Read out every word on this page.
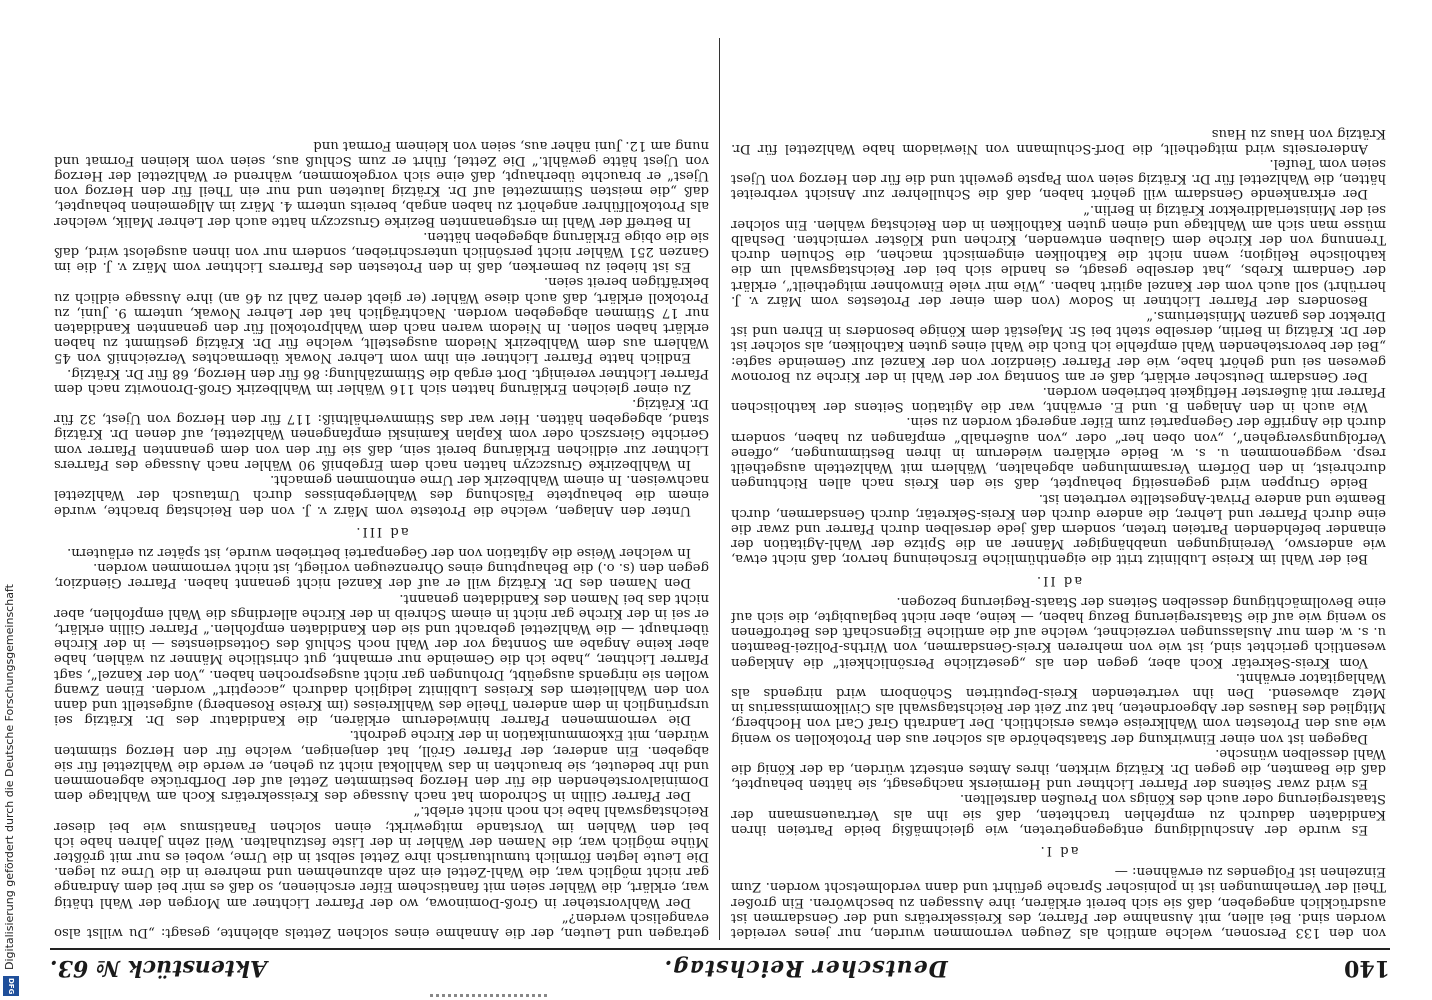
140
Deutscher Reichstag.
Aktenstück № 63.

von den 133 Personen, welche amtlich als Zeugen vernommen wurden, nur jenes vereidet worden sind. Bei allen, mit Ausnahme der Pfarrer, des Kreissekretärs und der Gensdarmen ist ausdrücklich angegeben, daß sie sich bereit erklären, ihre Aussagen zu beschwören. Ein großer Theil der Vernehmungen ist in polnischer Sprache geführt und dann verdolmetscht worden. Zum Einzelnen ist Folgendes zu erwähnen: —

ad I.

Es wurde der Anschuldigung entgegengetreten, wie gleichmäßig beide Parteien ihren Kandidaten dadurch zu empfehlen trachteten, daß sie ihn als Vertrauensmann der Staatsregierung oder auch des Königs von Preußen darstellten.

Es wird zwar Seitens der Pfarrer Lichtner und Hermiersk nachgesagt, sie hätten behauptet, daß die Beamten, die gegen Dr. Krätzig wirkten, ihres Amtes entsetzt würden, da der König die Wahl desselben wünsche.

Dagegen ist von einer Einwirkung der Staatsbehörde als solcher aus den Protokollen so wenig wie aus den Protesten vom Wahlkreise etwas ersichtlich. Der Landrath Graf Carl von Hochberg, Mitglied des Hauses der Abgeordneten, hat zur Zeit der Reichstagswahl als Civilkommissarius in Metz abwesend. Den ihn vertretenden Kreis-Deputirten Schönborn wird nirgends als Wahlagitator erwähnt.

Vom Kreis-Sekretär Koch aber, gegen den als „gesetzliche Persönlichkeit“ die Anklagen wesentlich gerichtet sind, ist wie von mehreren Kreis-Gensdarmen, von Wirths-Polizei-Beamten u. s. w. dem nur Auslassungen verzeichnet, welche auf die amtliche Eigenschaft des Betroffenen so wenig wie auf die Staatsregierung Bezug haben, — keine, aber nicht beglaubigte, die sich auf eine Bevollmächtigung desselben Seitens der Staats-Regierung bezogen.

ad II.

Bei der Wahl im Kreise Lublinitz tritt die eigenthümliche Erscheinung hervor, daß nicht etwa, wie anderswo, Vereinigungen unabhängiger Männer an die Spitze der Wahl-Agitation der einander befehdenden Parteien treten, sondern daß jede derselben durch Pfarrer und zwar die eine durch Pfarrer und Lehrer, die andere durch den Kreis-Sekretär, durch Gensdarmen, durch Beamte und andere Privat-Angestellte vertreten ist.

Beide Gruppen wird gegenseitig behauptet, daß sie den Kreis nach allen Richtungen durchreist, in den Dörfern Versammlungen abgehalten, Wählern mit Wahlzetteln ausgetheilt resp. weggenommen u. s. w. Beide erklären wiederum in ihren Bestimmungen, „offene Verfolgungsvergehen“, „von oben her“ oder „von außerhalb“ empfangen zu haben, sondern durch die Angriffe der Gegenpartei zum Eifer angeregt worden zu sein.

Wie auch in den Anlagen B. und E. erwähnt, war die Agitation Seitens der katholischen Pfarrer mit äußerster Heftigkeit betrieben worden.

Der Gensdarm Deutscher erklärt, daß er am Sonntag vor der Wahl in der Kirche zu Boronow gewesen sei und gehört habe, wie der Pfarrer Giendzior von der Kanzel zur Gemeinde sagte: „Bei der bevorstehenden Wahl empfehle ich Euch die Wahl eines guten Katholiken, als solcher ist der Dr. Krätzig in Berlin, derselbe steht bei Sr. Majestät dem Könige besonders in Ehren und ist Direktor des ganzen Ministeriums.“

Besonders der Pfarrer Lichtner in Sodow (von dem einer der Protestes vom März v. J. herrührt) soll auch vom der Kanzel agitirt haben. „Wie mir viele Einwohner mitgetheilt“, erklärt der Gendarm Krebs, „hat derselbe gesagt, es handle sich bei der Reichstagswahl um die katholische Religion; wenn nicht die Katholiken eingemischt machen, die Schulen durch Trennung von der Kirche dem Glauben entwenden, Kirchen und Klöster vernichten. Deshalb müsse man sich am Wahltage und einen guten Katholiken in den Reichstag wählen. Ein solcher sei der Ministerialdirektor Krätzig in Berlin.“

Der erkrankende Gensdarm will gehört haben, daß die Schullehrer zur Ansicht verbreitet hätten, die Wahlzettel für Dr. Krätzig seien vom Papste geweiht und die für den Herzog von Ujest seien vom Teufel.

Andererseits wird mitgetheilt, die Dorf-Schulmann von Niewiadom habe Wahlzettel für Dr. Krätzig von Haus zu Haus

getragen und Leuten, der die Annahme eines solchen Zettels ablehnte, gesagt: „Du willst also evangelisch werden?“

Der Wahlvorsteher in Groß-Dominowa, wo der Pfarrer Lichtner am Morgen der Wahl thätig war, erklärt, die Wähler seien mit fanatischem Eifer erschienen, so daß es mir bei dem Andrange gar nicht möglich war, die Wahl-Zettel ein zeln abzunehmen und mehrere in die Urne zu legen. Die Leute legten förmlich tumultuarisch ihre Zettel selbst in die Urne, wobei es nur mit größter Mühe möglich war, die Namen der Wähler in der Liste festzuhalten. Weil zehn Jahren habe ich bei den Wahlen im Vorstande mitgewirkt; einen solchen Fanatismus wie bei dieser Reichstagswahl habe ich noch nicht erlebt.“

Der Pfarrer Gillin in Schrodom hat nach Aussage des Kreissekretärs Koch am Wahltage dem Dominialvorstehenden die für den Herzog bestimmten Zettel auf der Dorfbrücke abgenommen und ihr bedeutet, sie brauchten in das Wahllokal nicht zu gehen, er werde die Wahlzettel für sie abgeben. Ein anderer, der Pfarrer Gröll, hat denjenigen, welche für den Herzog stimmten würden, mit Exkommunikation in der Kirche gedroht.

Die vernommenen Pfarrer hinwiederum erklären, die Kandidatur des Dr. Krätzig sei ursprünglich in dem anderen Theile des Wahlkreises (im Kreise Rosenberg) aufgestellt und dann von den Wahlleitern des Kreises Lublinitz lediglich dadurch „acceptirt“ worden. Einen Zwang wollen sie nirgends ausgeübt, Drohungen gar nicht ausgesprochen haben. „Von der Kanzel“, sagt Pfarrer Lichtner, „habe ich die Gemeinde nur ermahnt, gut christliche Männer zu wählen, habe aber keine Angabe am Sonntag vor der Wahl noch Schluß des Gottesdienstes — in der Kirche überhaupt — die Wahlzettel gebracht und sie den Kandidaten empfohlen.“ Pfarrer Gillin erklärt, er sei in der Kirche gar nicht in einem Schreib in der Kirche allerdings die Wahl empfohlen, aber nicht das bei Namen des Kandidaten genannt.

Den Namen des Dr. Krätzig will er auf der Kanzel nicht genannt haben. Pfarrer Giendzior, gegen den (s. o.) die Behauptung eines Ohrenzeugen vorliegt, ist nicht vernommen worden.

In welcher Weise die Agitation von der Gegenpartei betrieben wurde, ist später zu erläutern.

ad III.

Unter den Anlagen, welche die Proteste vom März v. J. von den Reichstag brachte, wurde einem die behauptete Fälschung des Wahlergebnisses durch Umtausch der Wahlzettel nachweisen. In einem Wahlbezirk der Urne entnommen gemacht.

In Wahlbezirke Gruszczyn hatten nach dem Ergebniß 90 Wähler nach Aussage des Pfarrers Lichtner zur eidlichen Erklärung bereit sein, daß sie für den von dem genannten Pfarrer vom Gerichte Gierszsch oder vom Kaplan Kaminski empfangenen Wahlzettel, auf denen Dr. Krätzig stand, abgegeben hätten. Hier war das Stimmverhältniß: 117 für den Herzog von Ujest, 32 für Dr. Krätzig.

Zu einer gleichen Erklärung hatten sich 116 Wähler im Wahlbezirk Groß-Dronowitz nach dem Pfarrer Lichtner vereinigt. Dort ergab die Stimmzählung: 86 für den Herzog, 68 für Dr. Krätzig.

Endlich hatte Pfarrer Lichtner ein ihm vom Lehrer Nowak übermachtes Verzeichniß von 45 Wählern aus dem Wahlbezirk Niedom ausgestellt, welche für Dr. Krätzig gestimmt zu haben erklärt haben sollen. In Niedom waren nach dem Wahlprotokoll für den genannten Kandidaten nur 17 Stimmen abgegeben worden. Nachträglich hat der Lehrer Nowak, unterm 9. Juni, zu Protokoll erklärt, daß auch diese Wähler (er giebt deren Zahl zu 46 an) ihre Aussage eidlich zu bekräftigen bereit seien.

Es ist hiebei zu bemerken, daß in den Protesten des Pfarrers Lichtner vom März v. J. die im Ganzen 251 Wähler nicht persönlich unterschrieben, sondern nur von ihnen ausgelost wird, daß sie die obige Erklärung abgegeben hätten.

In Betreff der Wahl im erstgenannten Bezirke Gruszczyn hatte auch der Lehrer Malik, welcher als Protokollführer angehört zu haben angab, bereits unterm 4. März im Allgemeinen behauptet, daß „die meisten Stimmzettel auf Dr. Krätzig lauteten und nur ein Theil für den Herzog von Ujest“ er brauchte überhaupt, daß eine sich vorgekommen, während er Wahlzettel der Herzog von Ujest hätte gewählt.“ Die Zettel, führt er zum Schluß aus, seien vom kleinen Format und nung am 12. Juni näher aus, seien von kleinem Format und

Digitalisierung gefördert durch die Deutsche Forschungsgemeinschaft
DFG
